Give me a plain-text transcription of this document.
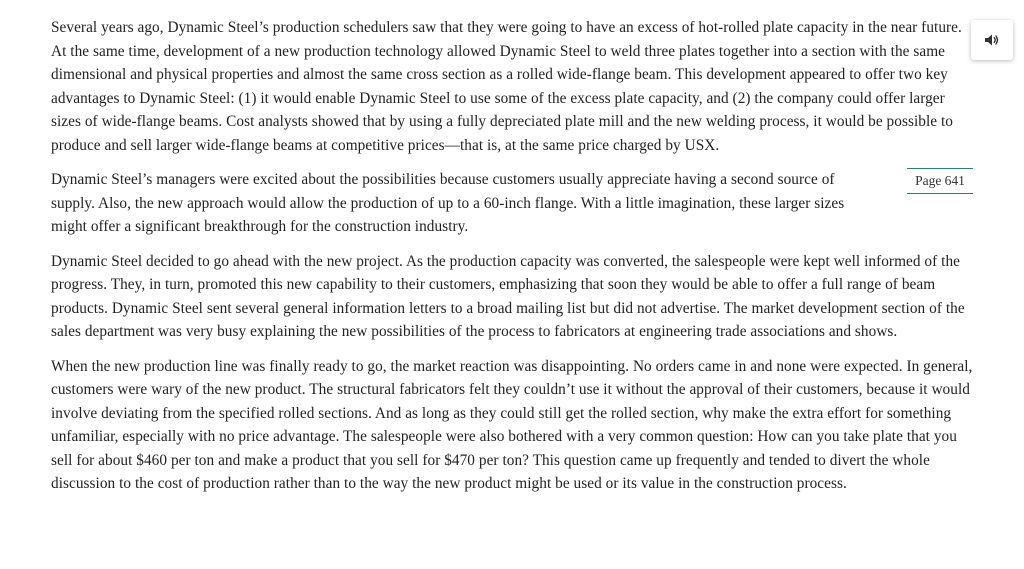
Several years ago, Dynamic Steel’s production schedulers saw that they were going to have an excess of hot-rolled plate capacity in the near future. At the same time, development of a new production technology allowed Dynamic Steel to weld three plates together into a section with the same dimensional and physical properties and almost the same cross section as a rolled wide-flange beam. This development appeared to offer two key advantages to Dynamic Steel: (1) it would enable Dynamic Steel to use some of the excess plate capacity, and (2) the company could offer larger sizes of wide-flange beams. Cost analysts showed that by using a fully depreciated plate mill and the new welding process, it would be possible to produce and sell larger wide-flange beams at competitive prices—that is, at the same price charged by USX.

Page 641

Dynamic Steel’s managers were excited about the possibilities because customers usually appreciate having a second source of supply. Also, the new approach would allow the production of up to a 60-inch flange. With a little imagination, these larger sizes might offer a significant breakthrough for the construction industry.

Dynamic Steel decided to go ahead with the new project. As the production capacity was converted, the salespeople were kept well informed of the progress. They, in turn, promoted this new capability to their customers, emphasizing that soon they would be able to offer a full range of beam products. Dynamic Steel sent several general information letters to a broad mailing list but did not advertise. The market development section of the sales department was very busy explaining the new possibilities of the process to fabricators at engineering trade associations and shows.

When the new production line was finally ready to go, the market reaction was disappointing. No orders came in and none were expected. In general, customers were wary of the new product. The structural fabricators felt they couldn’t use it without the approval of their customers, because it would involve deviating from the specified rolled sections. And as long as they could still get the rolled section, why make the extra effort for something unfamiliar, especially with no price advantage. The salespeople were also bothered with a very common question: How can you take plate that you sell for about $460 per ton and make a product that you sell for $470 per ton? This question came up frequently and tended to divert the whole discussion to the cost of production rather than to the way the new product might be used or its value in the construction process.
